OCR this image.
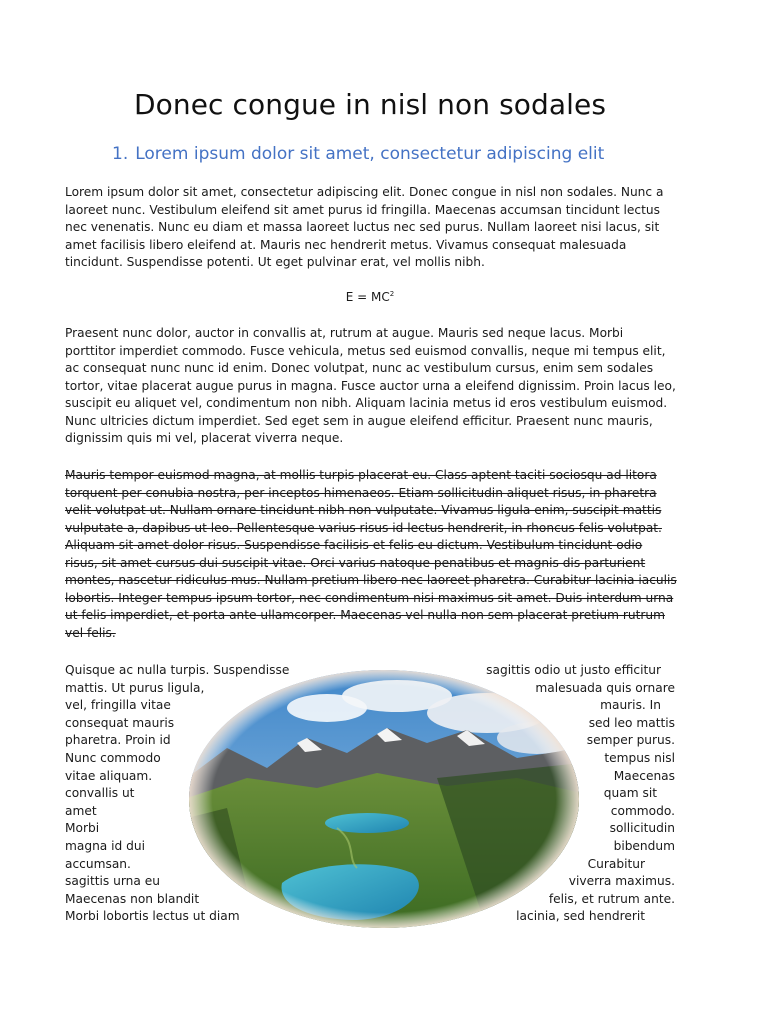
Donec congue in nisl non sodales
1. Lorem ipsum dolor sit amet, consectetur adipiscing elit

Lorem ipsum dolor sit amet, consectetur adipiscing elit. Donec congue in nisl non sodales. Nunc a laoreet nunc. Vestibulum eleifend sit amet purus id fringilla. Maecenas accumsan tincidunt lectus nec venenatis. Nunc eu diam et massa laoreet luctus nec sed purus. Nullam laoreet nisi lacus, sit amet facilisis libero eleifend at. Mauris nec hendrerit metus. Vivamus consequat malesuada tincidunt. Suspendisse potenti. Ut eget pulvinar erat, vel mollis nibh.

$E = MC^2$

Praesent nunc dolor, auctor in convallis at, rutrum at augue. Mauris sed neque lacus. Morbi porttitor imperdiet commodo. Fusce vehicula, metus sed euismod convallis, neque mi tempus elit, ac consequat nunc nunc id enim. Donec volutpat, nunc ac vestibulum cursus, enim sem sodales tortor, vitae placerat augue purus in magna. Fusce auctor urna a eleifend dignissim. Proin lacus leo, suscipit eu aliquet vel, condimentum non nibh. Aliquam lacinia metus id eros vestibulum euismod. Nunc ultricies dictum imperdiet. Sed eget sem in augue eleifend efficitur. Praesent nunc mauris, dignissim quis mi vel, placerat viverra neque.

Mauris tempor euismod magna, at mollis turpis placerat eu. Class aptent taciti sociosqu ad litora torquent per conubia nostra, per inceptos himenaeos. Etiam sollicitudin aliquet risus, in pharetra velit volutpat ut. Nullam ornare tincidunt nibh non vulputate. Vivamus ligula enim, suscipit mattis vulputate a, dapibus ut leo. Pellentesque varius risus id lectus hendrerit, in rhoncus felis volutpat. Aliquam sit amet dolor risus. Suspendisse facilisis et felis eu dictum. Vestibulum tincidunt odio risus, sit amet cursus dui suscipit vitae. Orci varius natoque penatibus et magnis dis parturient montes, nascetur ridiculus mus. Nullam pretium libero nec laoreet pharetra. Curabitur lacinia iaculis lobortis. Integer tempus ipsum tortor, nec condimentum nisi maximus sit amet. Duis interdum urna ut felis imperdiet, et porta ante ullamcorper. Maecenas vel nulla non sem placerat pretium rutrum vel felis.

Quisque ac nulla turpis. Suspendisse	sagittis odio ut justo efficitur
mattis. Ut purus ligula,	malesuada quis ornare
vel, fringilla vitae	mauris. In
consequat mauris	sed leo mattis
pharetra. Proin id	semper purus.
Nunc commodo	tempus nisl
vitae aliquam.	Maecenas
convallis ut	quam sit
amet	commodo.
Morbi	sollicitudin
magna id dui	bibendum
accumsan.	Curabitur
sagittis urna eu	viverra maximus.
Maecenas non blandit	felis, et rutrum ante.
Morbi lobortis lectus ut diam	lacinia, sed hendrerit
